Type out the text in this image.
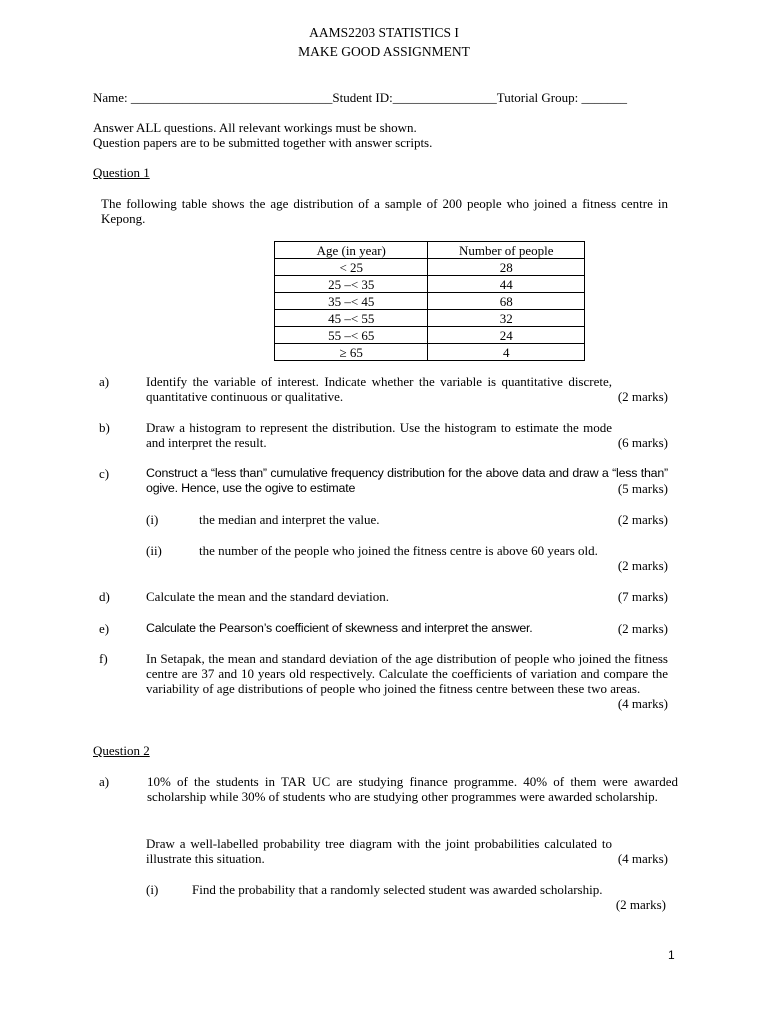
AAMS2203 STATISTICS I
MAKE GOOD ASSIGNMENT
Name: _______________________________Student ID:________________Tutorial Group: _______
Answer ALL questions. All relevant workings must be shown.
Question papers are to be submitted together with answer scripts.
Question 1
The following table shows the age distribution of a sample of 200 people who joined a fitness centre in Kepong.
Age (in year)	Number of people
< 25	28
25 –< 35	44
35 –< 45	68
45 –< 55	32
55 –< 65	24
≥ 65	4
a)	Identify the variable of interest. Indicate whether the variable is quantitative discrete, quantitative continuous or qualitative.	(2 marks)
b)	Draw a histogram to represent the distribution. Use the histogram to estimate the mode and interpret the result.	(6 marks)
c)	Construct a “less than” cumulative frequency distribution for the above data and draw a “less than” ogive. Hence, use the ogive to estimate	(5 marks)
(i)	the median and interpret the value.	(2 marks)
(ii)	the number of the people who joined the fitness centre is above 60 years old.
(2 marks)
d)	Calculate the mean and the standard deviation.	(7 marks)
e)	Calculate the Pearson’s coefficient of skewness and interpret the answer.	(2 marks)
f)	In Setapak, the mean and standard deviation of the age distribution of people who joined the fitness centre are 37 and 10 years old respectively. Calculate the coefficients of variation and compare the variability of age distributions of people who joined the fitness centre between these two areas.
(4 marks)
Question 2
a)	10% of the students in TAR UC are studying finance programme. 40% of them were awarded scholarship while 30% of students who are studying other programmes were awarded scholarship.
Draw a well-labelled probability tree diagram with the joint probabilities calculated to illustrate this situation.	(4 marks)
(i)	Find the probability that a randomly selected student was awarded scholarship.
(2 marks)
1
